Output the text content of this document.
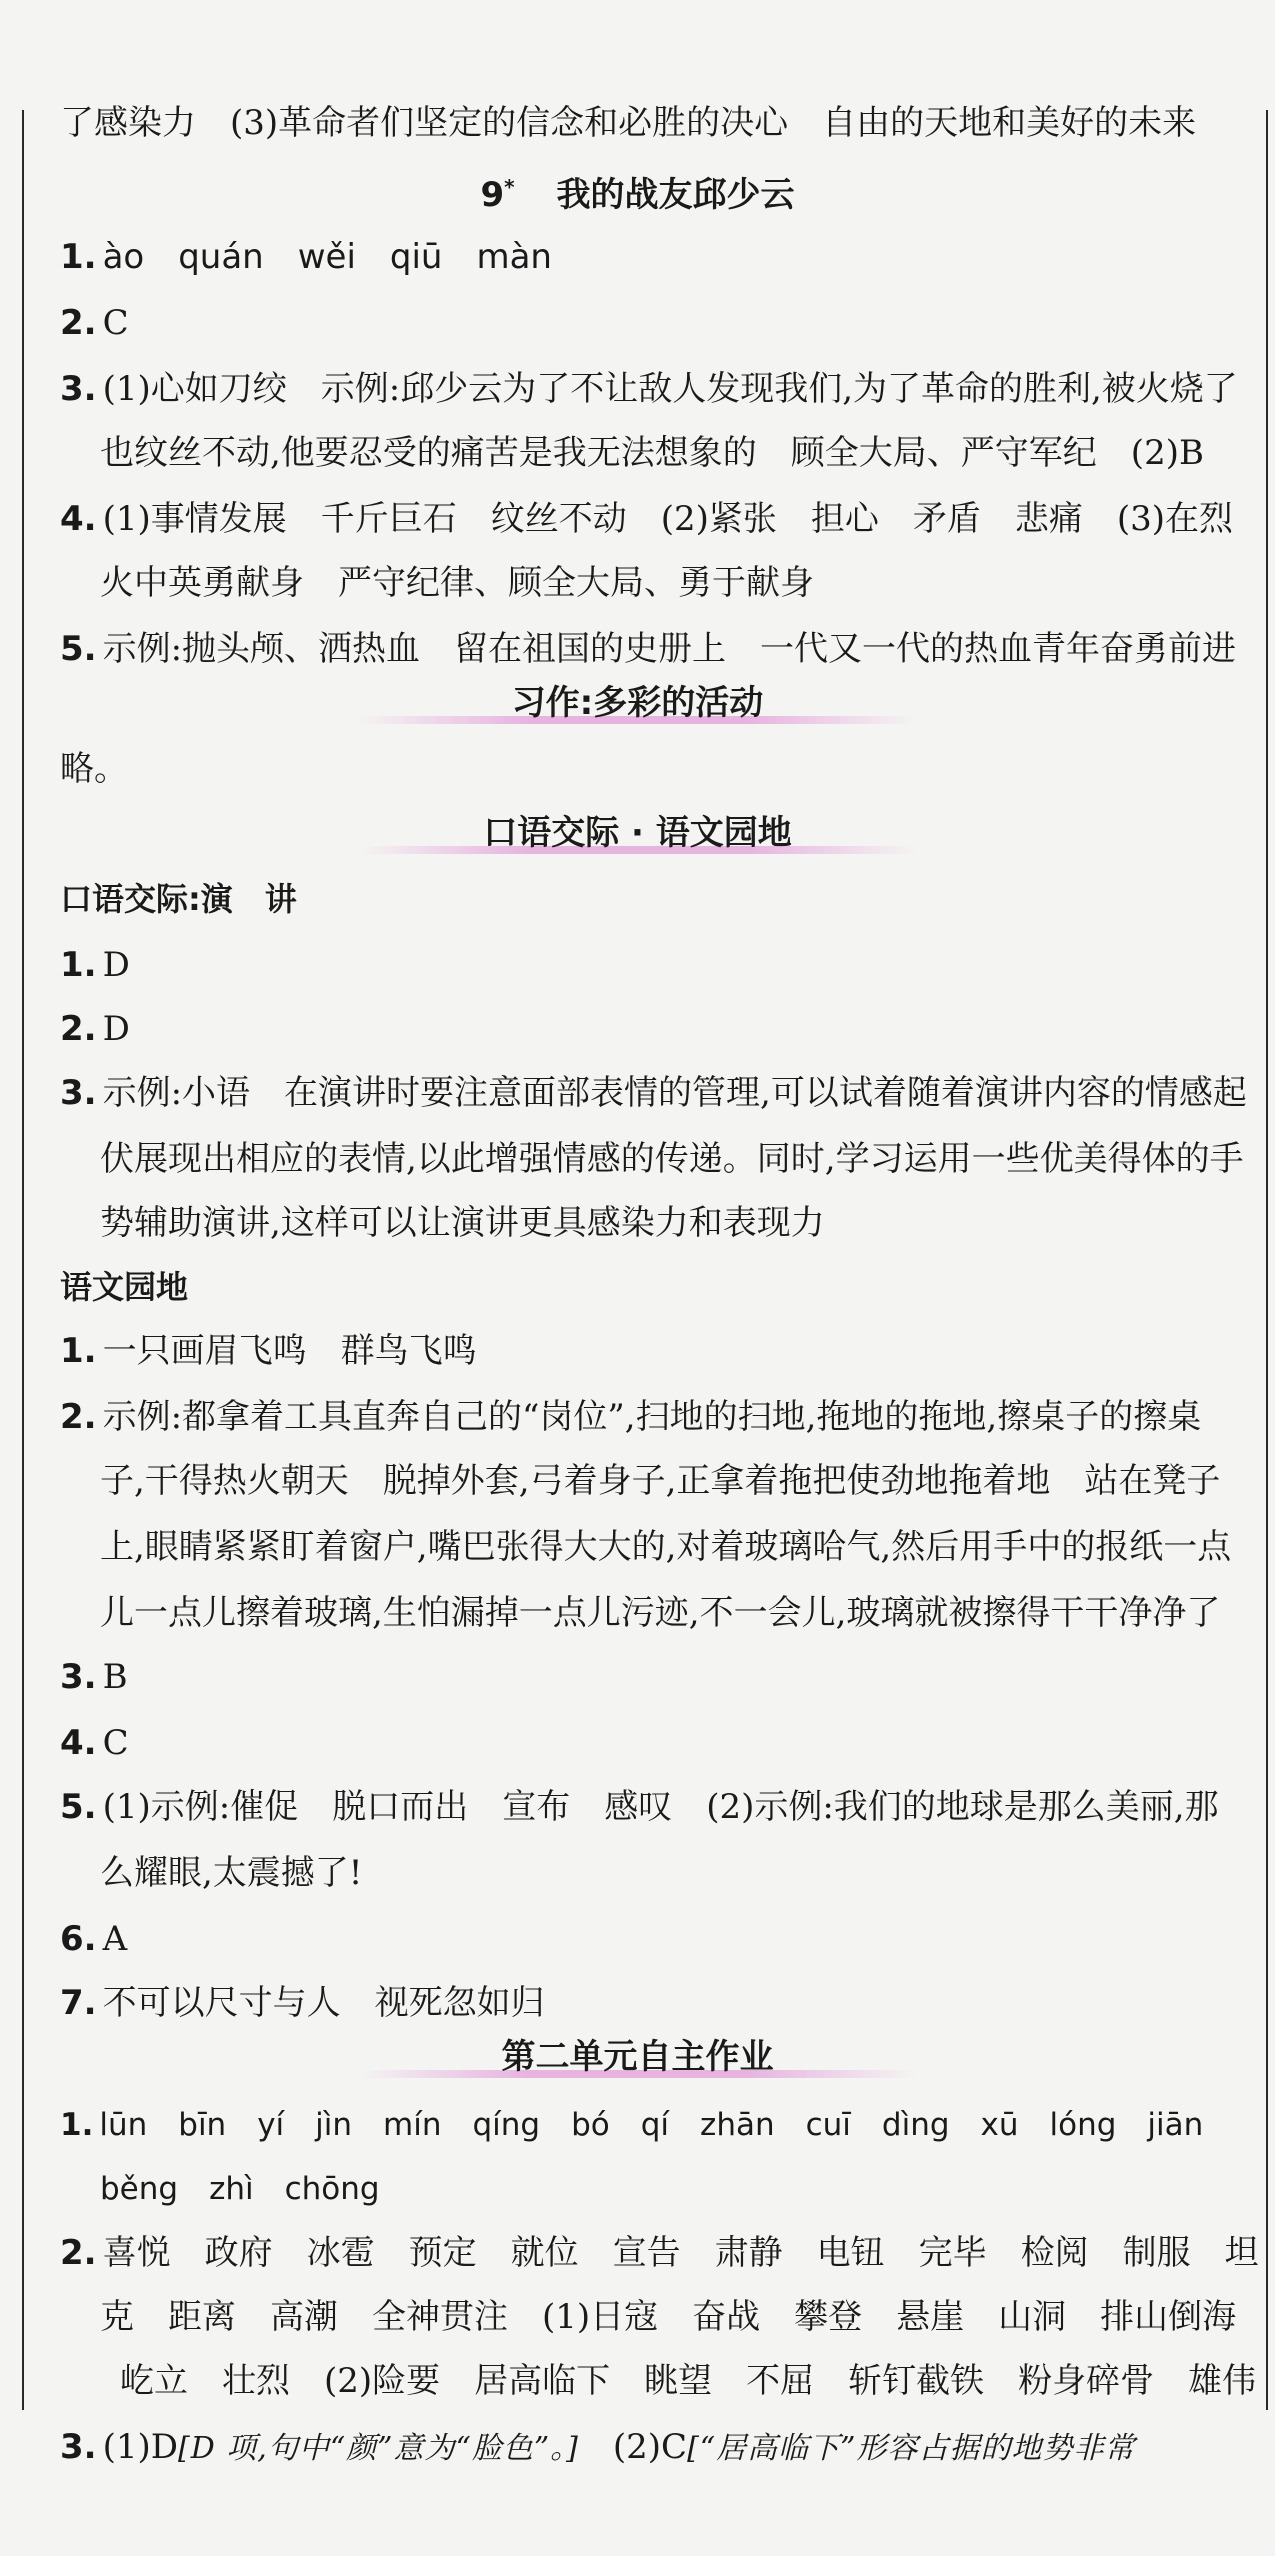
了感染力　(3)革命者们坚定的信念和必胜的决心　自由的天地和美好的未来
9* 我的战友邱少云
1. ào　quán　wěi　qiū　màn
2. C
3. (1)心如刀绞　示例:邱少云为了不让敌人发现我们,为了革命的胜利,被火烧了
也纹丝不动,他要忍受的痛苦是我无法想象的　顾全大局、严守军纪　(2)B
4. (1)事情发展　千斤巨石　纹丝不动　(2)紧张　担心　矛盾　悲痛　(3)在烈
火中英勇献身　严守纪律、顾全大局、勇于献身
5. 示例:抛头颅、洒热血　留在祖国的史册上　一代又一代的热血青年奋勇前进
习作:多彩的活动
略。
口语交际 · 语文园地
口语交际:演　讲
1. D
2. D
3. 示例:小语　在演讲时要注意面部表情的管理,可以试着随着演讲内容的情感起
伏展现出相应的表情,以此增强情感的传递。同时,学习运用一些优美得体的手
势辅助演讲,这样可以让演讲更具感染力和表现力
语文园地
1. 一只画眉飞鸣　群鸟飞鸣
2. 示例:都拿着工具直奔自己的“岗位”,扫地的扫地,拖地的拖地,擦桌子的擦桌
子,干得热火朝天　脱掉外套,弓着身子,正拿着拖把使劲地拖着地　站在凳子
上,眼睛紧紧盯着窗户,嘴巴张得大大的,对着玻璃哈气,然后用手中的报纸一点
儿一点儿擦着玻璃,生怕漏掉一点儿污迹,不一会儿,玻璃就被擦得干干净净了
3. B
4. C
5. (1)示例:催促　脱口而出　宣布　感叹　(2)示例:我们的地球是那么美丽,那
么耀眼,太震撼了!
6. A
7. 不可以尺寸与人　视死忽如归
第二单元自主作业
1. lūn　bīn　yí　jìn　mín　qíng　bó　qí　zhān　cuī　dìng　xū　lóng　jiān
běng　zhì　chōng
2. 喜悦　政府　冰雹　预定　就位　宣告　肃静　电钮　完毕　检阅　制服　坦
克　距离　高潮　全神贯注　(1)日寇　奋战　攀登　悬崖　山洞　排山倒海
屹立　壮烈　(2)险要　居高临下　眺望　不屈　斩钉截铁　粉身碎骨　雄伟
3. (1)D[D 项,句中“颜”意为“脸色”。]　(2)C[“居高临下”形容占据的地势非常
